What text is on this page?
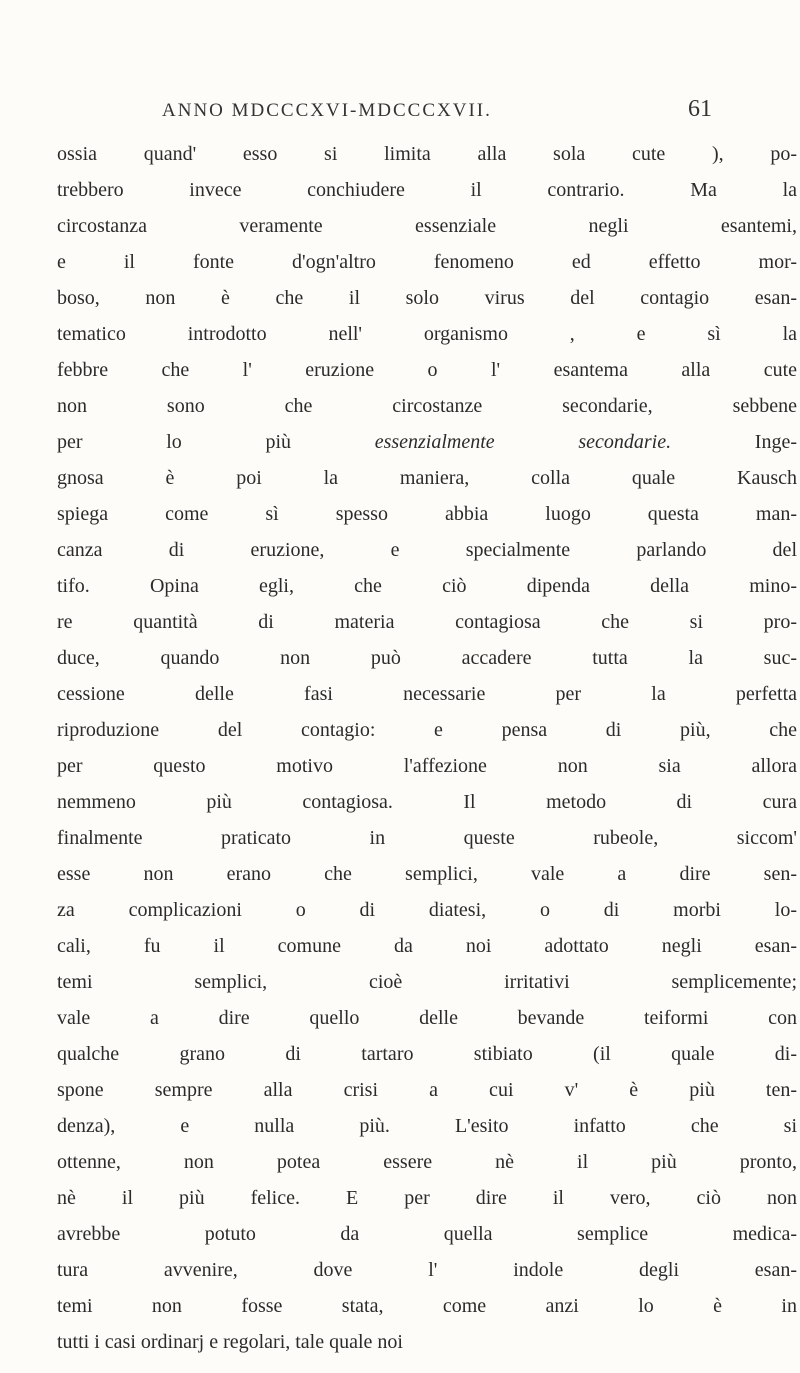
ANNO MDCCCXVI-MDCCCXVII.	61
ossia quand' esso si limita alla sola cute ), po-
trebbero invece conchiudere il contrario. Ma la
circostanza veramente essenziale negli esantemi,
e il fonte d'ogn'altro fenomeno ed effetto mor-
boso, non è che il solo virus del contagio esan-
tematico introdotto nell' organismo , e sì la
febbre che l' eruzione o l' esantema alla cute
non sono che circostanze secondarie, sebbene
per lo più essenzialmente secondarie. Inge-
gnosa è poi la maniera, colla quale Kausch
spiega come sì spesso abbia luogo questa man-
canza di eruzione, e specialmente parlando del
tifo. Opina egli, che ciò dipenda della mino-
re quantità di materia contagiosa che si pro-
duce, quando non può accadere tutta la suc-
cessione delle fasi necessarie per la perfetta
riproduzione del contagio: e pensa di più, che
per questo motivo l'affezione non sia allora
nemmeno più contagiosa. Il metodo di cura
finalmente praticato in queste rubeole, siccom'
esse non erano che semplici, vale a dire sen-
za complicazioni o di diatesi, o di morbi lo-
cali, fu il comune da noi adottato negli esan-
temi semplici, cioè irritativi semplicemente;
vale a dire quello delle bevande teiformi con
qualche grano di tartaro stibiato (il quale di-
spone sempre alla crisi a cui v' è più ten-
denza), e nulla più. L'esito infatto che si
ottenne, non potea essere nè il più pronto,
nè il più felice. E per dire il vero, ciò non
avrebbe potuto da quella semplice medica-
tura avvenire, dove l' indole degli esan-
temi non fosse stata, come anzi lo è in
tutti i casi ordinarj e regolari, tale quale noi
